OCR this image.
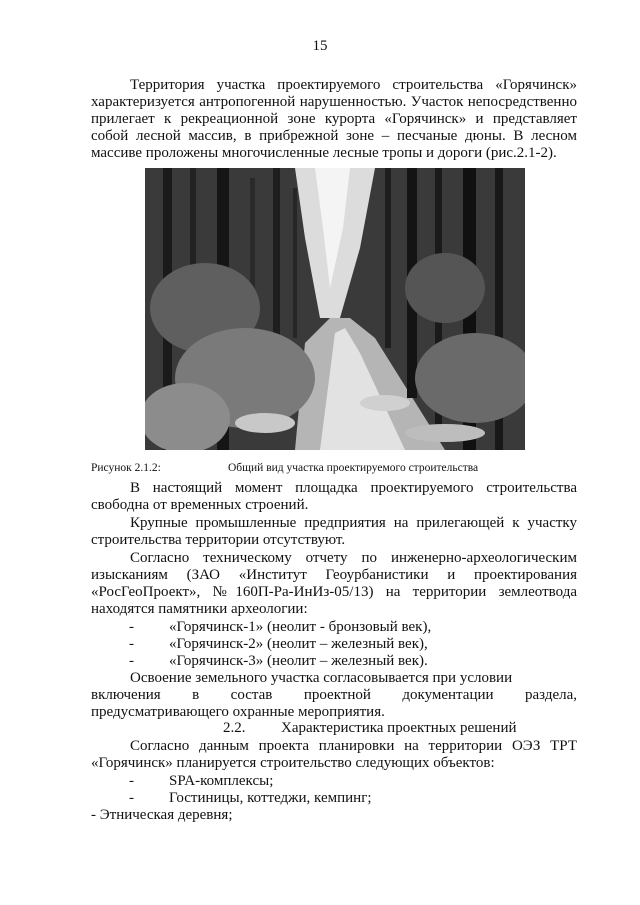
15

Территория участка проектируемого строительства «Горячинск» характеризуется антропогенной нарушенностью. Участок непосредственно прилегает к рекреационной зоне курорта «Горячинск» и представляет собой лесной массив, в прибрежной зоне – песчаные дюны. В лесном массиве проложены многочисленные лесные тропы и дороги (рис.2.1-2).

Рисунок 2.1.2:	Общий вид участка проектируемого строительства

В настоящий момент площадка проектируемого строительства свободна от временных строений.

Крупные промышленные предприятия на прилегающей к участку строительства территории отсутствуют.

Согласно техническому отчету по инженерно-археологическим изысканиям (ЗАО «Институт Геоурбанистики и проектирования «РосГеоПроект», №160П-Ра-ИнИз-05/13) на территории землеотвода находятся памятники археологии:

- «Горячинск-1» (неолит - бронзовый век),
- «Горячинск-2» (неолит – железный век),
- «Горячинск-3» (неолит – железный век).
Освоение земельного участка согласовывается при условии
включения в состав проектной документации раздела,
предусматривающего охранные мероприятия.
2.2. Характеристика проектных решений

Согласно данным проекта планировки на территории ОЭЗ ТРТ «Горячинск» планируется строительство следующих объектов:

- SPA-комплексы;
- Гостиницы, коттеджи, кемпинг;
- Этническая деревня;
